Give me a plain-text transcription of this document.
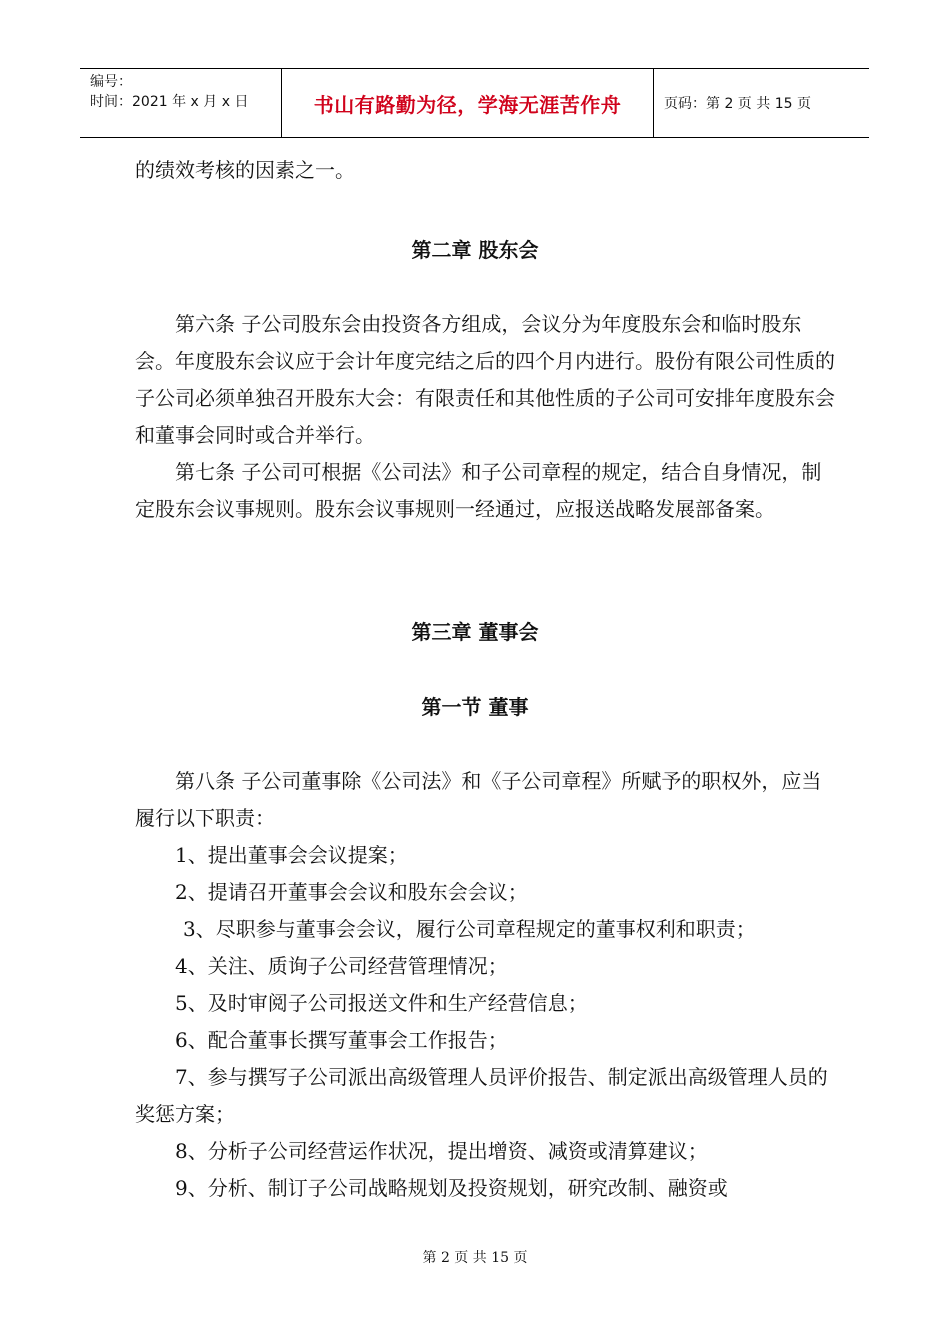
编号：
时间：2021 年 x 月 x 日	书山有路勤为径，学海无涯苦作舟	页码：第 2 页 共 15 页

的绩效考核的因素之一。

第二章 股东会

第六条 子公司股东会由投资各方组成，会议分为年度股东会和临时股东会。年度股东会议应于会计年度完结之后的四个月内进行。股份有限公司性质的子公司必须单独召开股东大会：有限责任和其他性质的子公司可安排年度股东会和董事会同时或合并举行。

第七条 子公司可根据《公司法》和子公司章程的规定，结合自身情况，制定股东会议事规则。股东会议事规则一经通过，应报送战略发展部备案。

第三章 董事会
第一节 董事

第八条 子公司董事除《公司法》和《子公司章程》所赋予的职权外，应当履行以下职责：

1、提出董事会会议提案；

2、提请召开董事会会议和股东会会议；

3、尽职参与董事会会议，履行公司章程规定的董事权利和职责；

4、关注、质询子公司经营管理情况；

5、及时审阅子公司报送文件和生产经营信息；

6、配合董事长撰写董事会工作报告；

7、参与撰写子公司派出高级管理人员评价报告、制定派出高级管理人员的奖惩方案；

8、分析子公司经营运作状况，提出增资、减资或清算建议；

9、分析、制订子公司战略规划及投资规划，研究改制、融资或

第 2 页 共 15 页
